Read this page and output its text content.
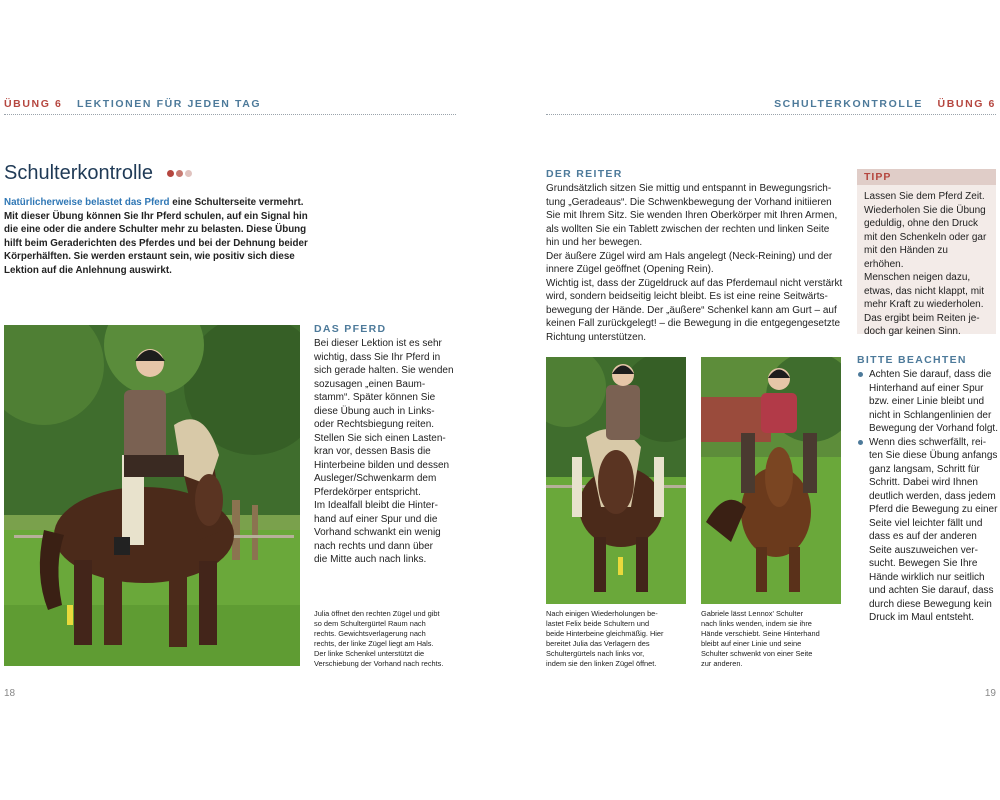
ÜBUNG 6 LEKTIONEN FÜR JEDEN TAG
Schulterkontrolle
Natürlicherweise belastet das Pferd eine Schulterseite vermehrt.
Mit dieser Übung können Sie Ihr Pferd schulen, auf ein Signal hin
die eine oder die andere Schulter mehr zu belasten. Diese Übung
hilft beim Geraderichten des Pferdes und bei der Dehnung beider
Körperhälften. Sie werden erstaunt sein, wie positiv sich diese
Lektion auf die Anlehnung auswirkt.
DAS PFERD
Bei dieser Lektion ist es sehr
wichtig, dass Sie Ihr Pferd in
sich gerade halten. Sie wenden
sozusagen „einen Baum-
stamm“. Später können Sie
diese Übung auch in Links-
oder Rechtsbiegung reiten.
Stellen Sie sich einen Lasten-
kran vor, dessen Basis die
Hinterbeine bilden und dessen
Ausleger/Schwenkarm dem
Pferdekörper entspricht.
Im Idealfall bleibt die Hinter-
hand auf einer Spur und die
Vorhand schwankt ein wenig
nach rechts und dann über
die Mitte auch nach links.
Julia öffnet den rechten Zügel und gibt
so dem Schultergürtel Raum nach
rechts. Gewichtsverlagerung nach
rechts, der linke Zügel liegt am Hals.
Der linke Schenkel unterstützt die
Verschiebung der Vorhand nach rechts.
18
SCHULTERKONTROLLE ÜBUNG 6
DER REITER
Grundsätzlich sitzen Sie mittig und entspannt in Bewegungsrich-
tung „Geradeaus“. Die Schwenkbewegung der Vorhand initiieren
Sie mit Ihrem Sitz. Sie wenden Ihren Oberkörper mit Ihren Armen,
als wollten Sie ein Tablett zwischen der rechten und linken Seite
hin und her bewegen.
Der äußere Zügel wird am Hals angelegt (Neck-Reining) und der
innere Zügel geöffnet (Opening Rein).
Wichtig ist, dass der Zügeldruck auf das Pferdemaul nicht verstärkt
wird, sondern beidseitig leicht bleibt. Es ist eine reine Seitwärts-
bewegung der Hände. Der „äußere“ Schenkel kann am Gurt – auf
keinen Fall zurückgelegt! – die Bewegung in die entgegengesetzte
Richtung unterstützen.
TIPP
Lassen Sie dem Pferd Zeit.
Wiederholen Sie die Übung
geduldig, ohne den Druck
mit den Schenkeln oder gar
mit den Händen zu erhöhen.
Menschen neigen dazu,
etwas, das nicht klappt, mit
mehr Kraft zu wiederholen.
Das ergibt beim Reiten je-
doch gar keinen Sinn.
BITTE BEACHTEN
Achten Sie darauf, dass die
Hinterhand auf einer Spur
bzw. einer Linie bleibt und
nicht in Schlangenlinien der
Bewegung der Vorhand folgt.
Wenn dies schwerfällt, rei-
ten Sie diese Übung anfangs
ganz langsam, Schritt für
Schritt. Dabei wird Ihnen
deutlich werden, dass jedem
Pferd die Bewegung zu einer
Seite viel leichter fällt und
dass es auf der anderen
Seite auszuweichen ver-
sucht. Bewegen Sie Ihre
Hände wirklich nur seitlich
und achten Sie darauf, dass
durch diese Bewegung kein
Druck im Maul entsteht.
Nach einigen Wiederholungen be-
lastet Felix beide Schultern und
beide Hinterbeine gleichmäßig. Hier
bereitet Julia das Verlagern des
Schultergürtels nach links vor,
indem sie den linken Zügel öffnet.
Gabriele lässt Lennox' Schulter
nach links wenden, indem sie ihre
Hände verschiebt. Seine Hinterhand
bleibt auf einer Linie und seine
Schulter schwenkt von einer Seite
zur anderen.
19
